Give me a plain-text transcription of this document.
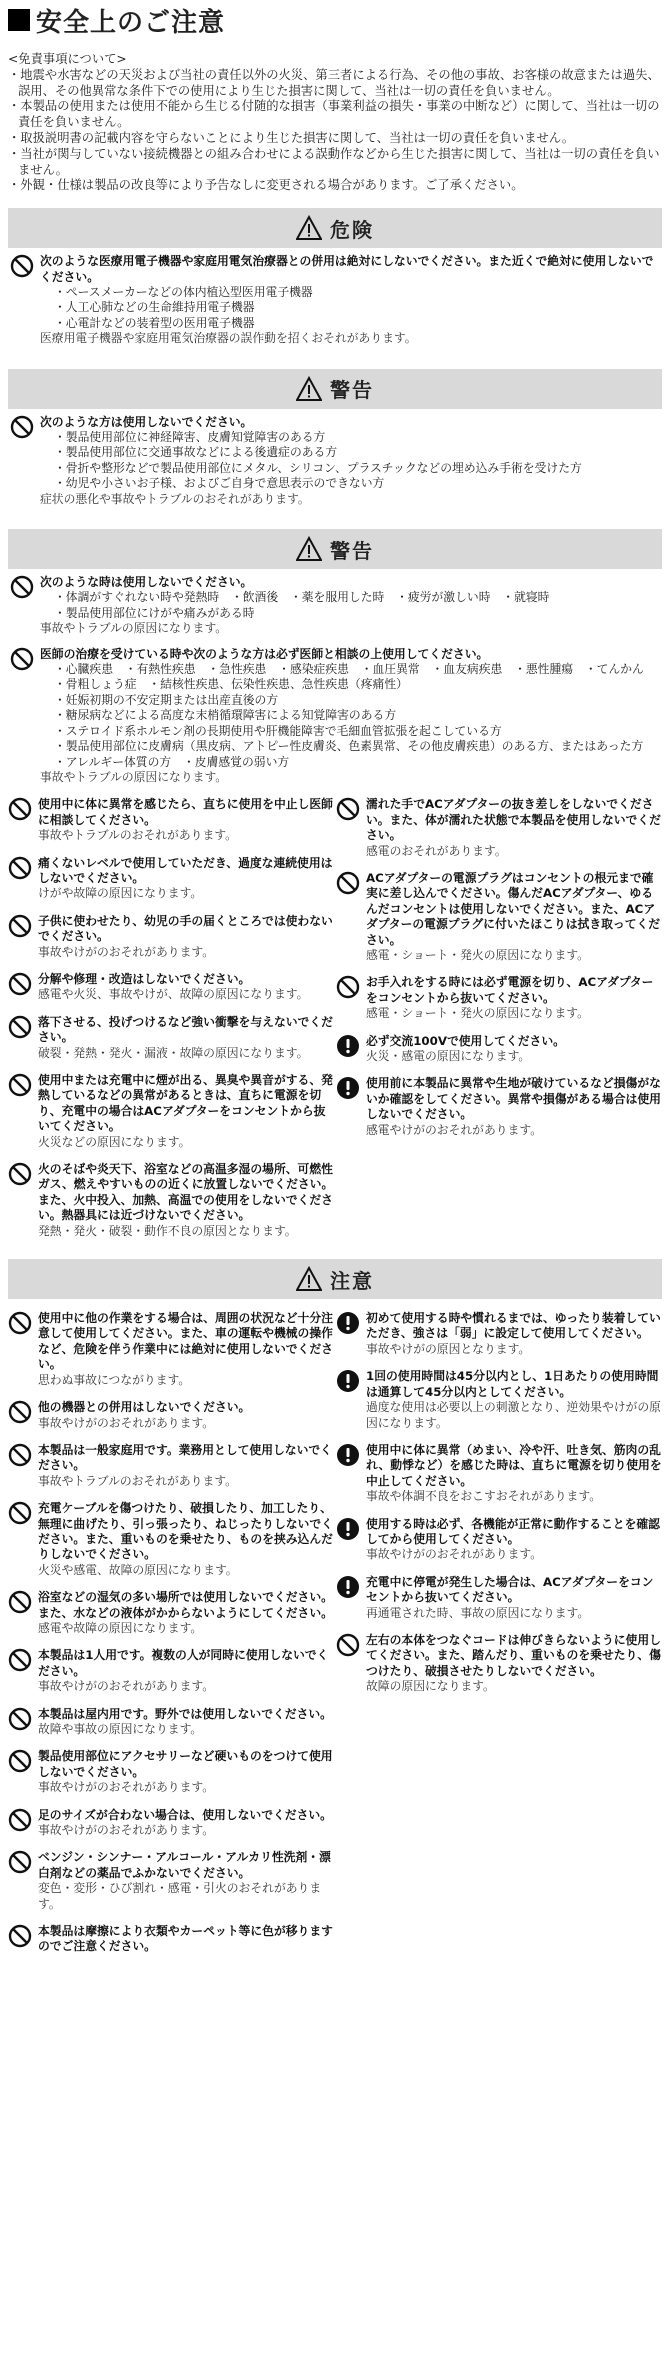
安全上のご注意
<免責事項について>
・地震や水害などの天災および当社の責任以外の火災、第三者による行為、その他の事故、お客様の故意または過失、誤用、その他異常な条件下での使用により生じた損害に関して、当社は一切の責任を負いません。
・本製品の使用または使用不能から生じる付随的な損害（事業利益の損失・事業の中断など）に関して、当社は一切の責任を負いません。
・取扱説明書の記載内容を守らないことにより生じた損害に関して、当社は一切の責任を負いません。
・当社が関与していない接続機器との組み合わせによる誤動作などから生じた損害に関して、当社は一切の責任を負いません。
・外観・仕様は製品の改良等により予告なしに変更される場合があります。ご了承ください。
危険
次のような医療用電子機器や家庭用電気治療器との併用は絶対にしないでください。また近くで絶対に使用しないでください。
・ペースメーカーなどの体内植込型医用電子機器
・人工心肺などの生命維持用電子機器
・心電計などの装着型の医用電子機器
医療用電子機器や家庭用電気治療器の誤作動を招くおそれがあります。
警告
次のような方は使用しないでください。
・製品使用部位に神経障害、皮膚知覚障害のある方
・製品使用部位に交通事故などによる後遺症のある方
・骨折や整形などで製品使用部位にメタル、シリコン、プラスチックなどの埋め込み手術を受けた方
・幼児や小さいお子様、およびご自身で意思表示のできない方
症状の悪化や事故やトラブルのおそれがあります。
警告
次のような時は使用しないでください。
・体調がすぐれない時や発熱時　・飲酒後　・薬を服用した時　・疲労が激しい時　・就寝時
・製品使用部位にけがや痛みがある時
事故やトラブルの原因になります。
医師の治療を受けている時や次のような方は必ず医師と相談の上使用してください。
・心臓疾患　・有熱性疾患　・急性疾患　・感染症疾患　・血圧異常　・血友病疾患　・悪性腫瘍　・てんかん
・骨粗しょう症　・結核性疾患、伝染性疾患、急性疾患（疼痛性）
・妊娠初期の不安定期または出産直後の方
・糖尿病などによる高度な末梢循環障害による知覚障害のある方
・ステロイド系ホルモン剤の長期使用や肝機能障害で毛細血管拡張を起こしている方
・製品使用部位に皮膚病（黒皮病、アトピー性皮膚炎、色素異常、その他皮膚疾患）のある方、またはあった方
・アレルギー体質の方　・皮膚感覚の弱い方
事故やトラブルの原因になります。
使用中に体に異常を感じたら、直ちに使用を中止し医師に相談してください。
事故やトラブルのおそれがあります。
痛くないレベルで使用していただき、過度な連続使用はしないでください。
けがや故障の原因になります。
子供に使わせたり、幼児の手の届くところでは使わないでください。
事故やけがのおそれがあります。
分解や修理・改造はしないでください。
感電や火災、事故やけが、故障の原因になります。
落下させる、投げつけるなど強い衝撃を与えないでください。
破裂・発熱・発火・漏液・故障の原因になります。
使用中または充電中に煙が出る、異臭や異音がする、発熱しているなどの異常があるときは、直ちに電源を切り、充電中の場合はACアダプターをコンセントから抜いてください。
火災などの原因になります。
火のそばや炎天下、浴室などの高温多湿の場所、可燃性ガス、燃えやすいものの近くに放置しないでください。また、火中投入、加熱、高温での使用をしないでください。熱器具には近づけないでください。
発熱・発火・破裂・動作不良の原因となります。
濡れた手でACアダプターの抜き差しをしないでください。また、体が濡れた状態で本製品を使用しないでください。
感電のおそれがあります。
ACアダプターの電源プラグはコンセントの根元まで確実に差し込んでください。傷んだACアダプター、ゆるんだコンセントは使用しないでください。また、ACアダプターの電源プラグに付いたほこりは拭き取ってください。
感電・ショート・発火の原因になります。
お手入れをする時には必ず電源を切り、ACアダプターをコンセントから抜いてください。
感電・ショート・発火の原因になります。
必ず交流100Vで使用してください。
火災・感電の原因になります。
使用前に本製品に異常や生地が破けているなど損傷がないか確認をしてください。異常や損傷がある場合は使用しないでください。
感電やけがのおそれがあります。
注意
使用中に他の作業をする場合は、周囲の状況など十分注意して使用してください。また、車の運転や機械の操作など、危険を伴う作業中には絶対に使用しないでください。
思わぬ事故につながります。
他の機器との併用はしないでください。
事故やけがのおそれがあります。
本製品は一般家庭用です。業務用として使用しないでください。
事故やトラブルのおそれがあります。
充電ケーブルを傷つけたり、破損したり、加工したり、無理に曲げたり、引っ張ったり、ねじったりしないでください。また、重いものを乗せたり、ものを挟み込んだりしないでください。
火災や感電、故障の原因になります。
浴室などの湿気の多い場所では使用しないでください。また、水などの液体がかからないようにしてください。
感電や故障の原因になります。
本製品は1人用です。複数の人が同時に使用しないでください。
事故やけがのおそれがあります。
本製品は屋内用です。野外では使用しないでください。
故障や事故の原因になります。
製品使用部位にアクセサリーなど硬いものをつけて使用しないでください。
事故やけがのおそれがあります。
足のサイズが合わない場合は、使用しないでください。
事故やけがのおそれがあります。
ベンジン・シンナー・アルコール・アルカリ性洗剤・漂白剤などの薬品でふかないでください。
変色・変形・ひび割れ・感電・引火のおそれがあります。
本製品は摩擦により衣類やカーペット等に色が移りますのでご注意ください。
初めて使用する時や慣れるまでは、ゆったり装着していただき、強さは「弱」に設定して使用してください。
事故やけがの原因となります。
1回の使用時間は45分以内とし、1日あたりの使用時間は通算して45分以内としてください。
過度な使用は必要以上の刺激となり、逆効果やけがの原因になります。
使用中に体に異常（めまい、冷や汗、吐き気、筋肉の乱れ、動悸など）を感じた時は、直ちに電源を切り使用を中止してください。
事故や体調不良をおこすおそれがあります。
使用する時は必ず、各機能が正常に動作することを確認してから使用してください。
事故やけがのおそれがあります。
充電中に停電が発生した場合は、ACアダプターをコンセントから抜いてください。
再通電された時、事故の原因になります。
左右の本体をつなぐコードは伸びきらないように使用してください。また、踏んだり、重いものを乗せたり、傷つけたり、破損させたりしないでください。
故障の原因になります。
